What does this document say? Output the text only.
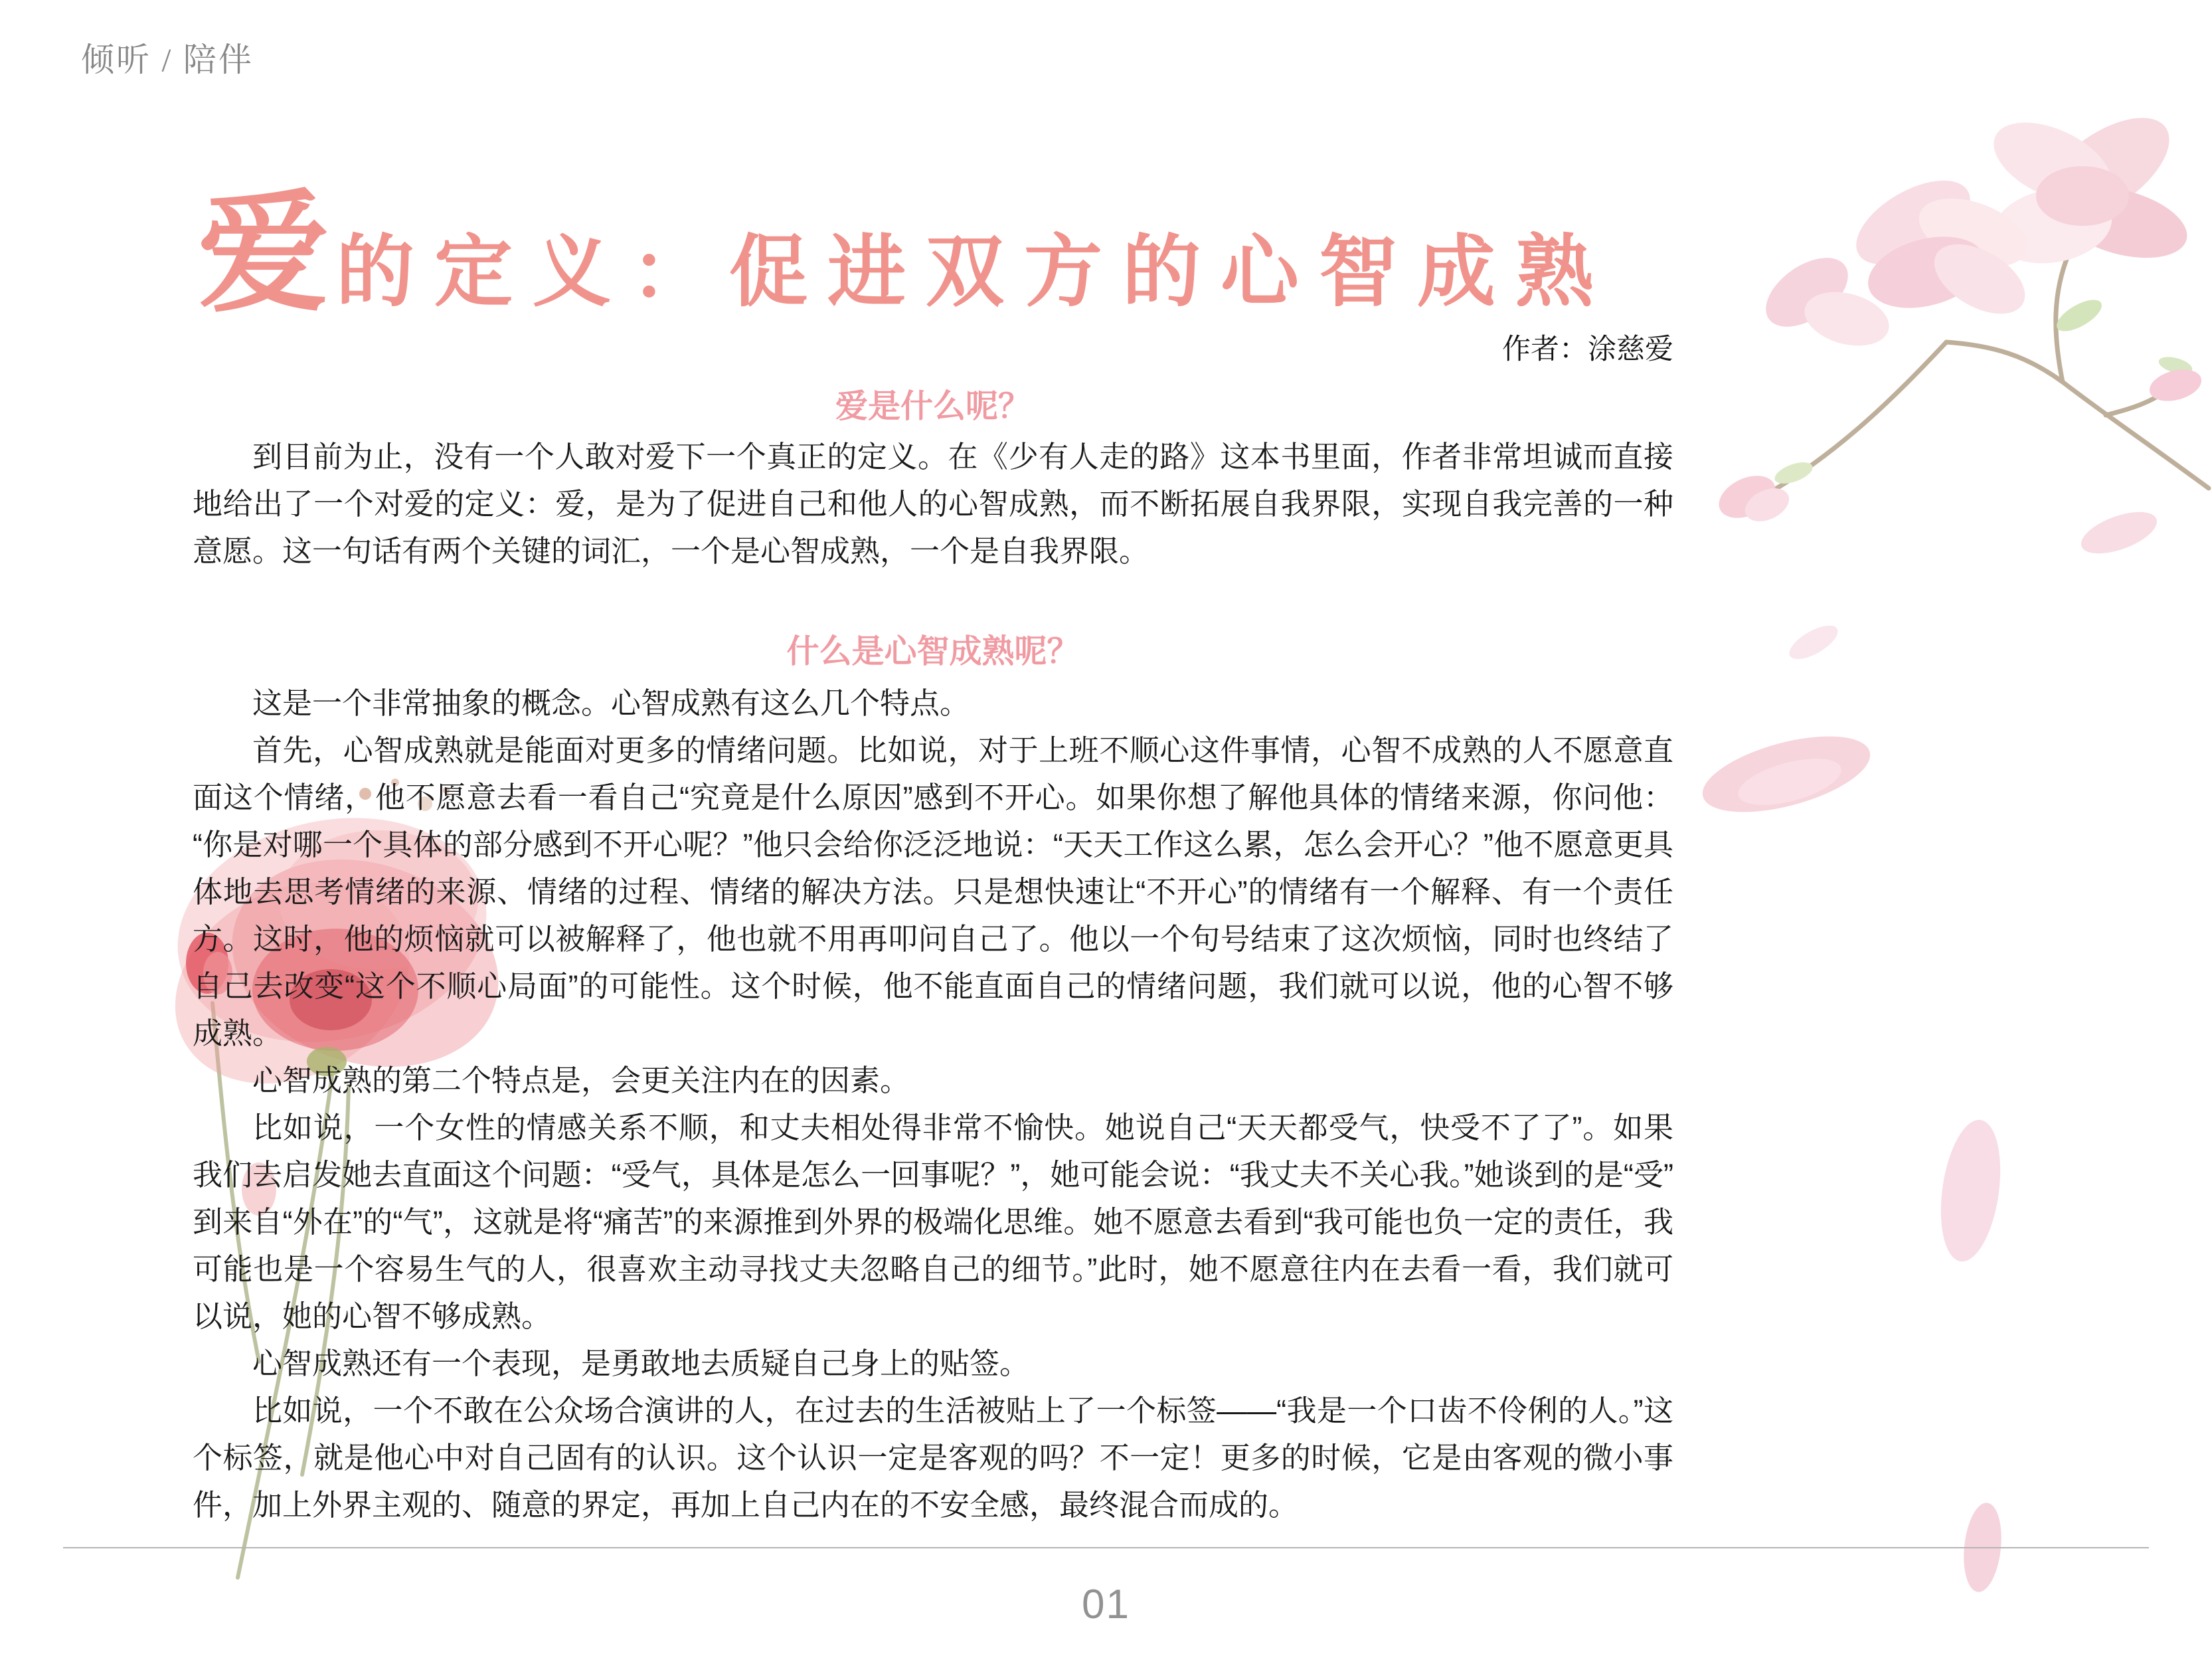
倾听 / 陪伴
爱的定义：促进双方的心智成熟
作者：涂慈爱
爱是什么呢？

到目前为止，没有一个人敢对爱下一个真正的定义。在《少有人走的路》这本书里面，作者非常坦诚而直接地给出了一个对爱的定义：爱，是为了促进自己和他人的心智成熟，而不断拓展自我界限，实现自我完善的一种意愿。这一句话有两个关键的词汇，一个是心智成熟，一个是自我界限。

什么是心智成熟呢？

这是一个非常抽象的概念。心智成熟有这么几个特点。

首先，心智成熟就是能面对更多的情绪问题。比如说，对于上班不顺心这件事情，心智不成熟的人不愿意直面这个情绪，他不愿意去看一看自己“究竟是什么原因”感到不开心。如果你想了解他具体的情绪来源，你问他：“你是对哪一个具体的部分感到不开心呢？”他只会给你泛泛地说：“天天工作这么累，怎么会开心？”他不愿意更具体地去思考情绪的来源、情绪的过程、情绪的解决方法。只是想快速让“不开心”的情绪有一个解释、有一个责任方。这时，他的烦恼就可以被解释了，他也就不用再叩问自己了。他以一个句号结束了这次烦恼，同时也终结了自己去改变“这个不顺心局面”的可能性。这个时候，他不能直面自己的情绪问题，我们就可以说，他的心智不够成熟。

心智成熟的第二个特点是，会更关注内在的因素。

比如说，一个女性的情感关系不顺，和丈夫相处得非常不愉快。她说自己“天天都受气，快受不了了”。如果我们去启发她去直面这个问题：“受气，具体是怎么一回事呢？”，她可能会说：“我丈夫不关心我。”她谈到的是“受”到来自“外在”的“气”，这就是将“痛苦”的来源推到外界的极端化思维。她不愿意去看到“我可能也负一定的责任，我可能也是一个容易生气的人，很喜欢主动寻找丈夫忽略自己的细节。”此时，她不愿意往内在去看一看，我们就可以说，她的心智不够成熟。

心智成熟还有一个表现，是勇敢地去质疑自己身上的贴签。

比如说，一个不敢在公众场合演讲的人，在过去的生活被贴上了一个标签——“我是一个口齿不伶俐的人。”这个标签，就是他心中对自己固有的认识。这个认识一定是客观的吗？不一定！更多的时候，它是由客观的微小事件，加上外界主观的、随意的界定，再加上自己内在的不安全感，最终混合而成的。

01
